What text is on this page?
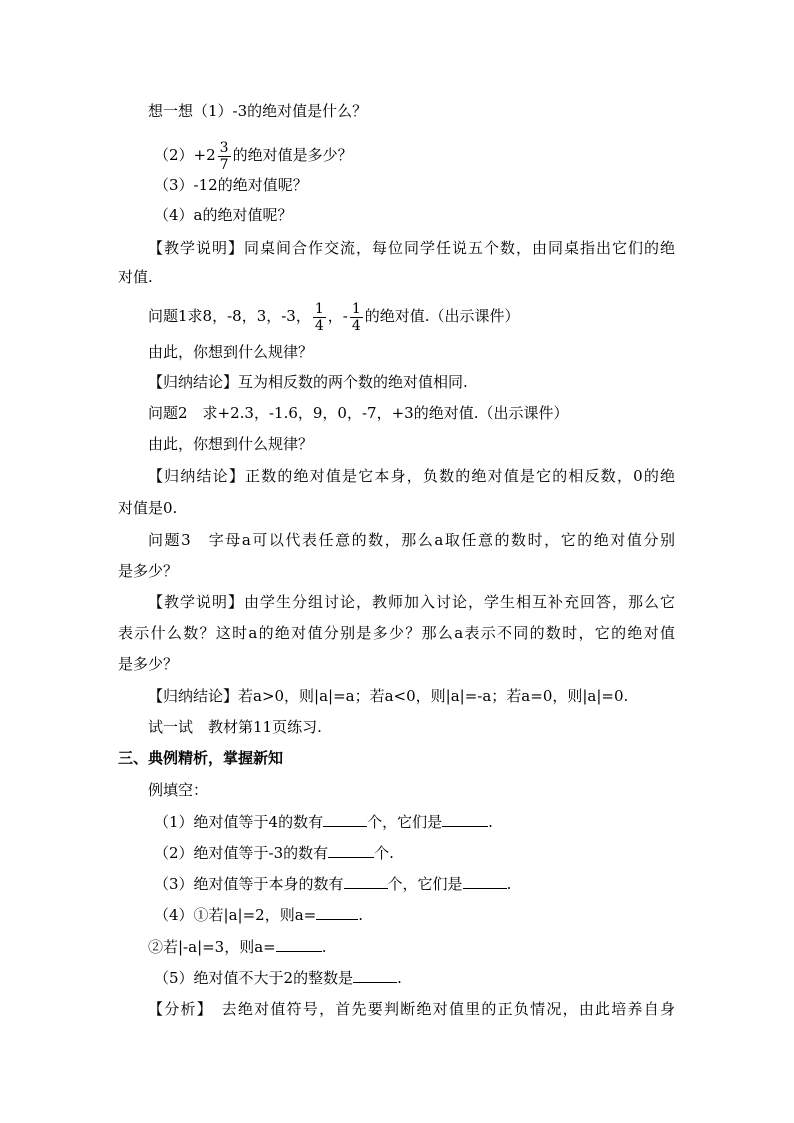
想一想（1）-3的绝对值是什么？
$(2)+2 \frac{3}{7}$ 的绝对值是多少？
（3）-12的绝对值呢？
（4）a的绝对值呢？
【教学说明】同桌间合作交流，每位同学任说五个数，由同桌指出它们的绝
对值.
问题1求8，-8，3，-3， $\frac{1}{4}$ ，- $\frac{1}{4}$ 的绝对值.（出示课件）
由此，你想到什么规律？
【归纳结论】互为相反数的两个数的绝对值相同.
问题2　求+2.3，-1.6，9，0，-7，+3的绝对值.（出示课件）
由此，你想到什么规律？
【归纳结论】正数的绝对值是它本身，负数的绝对值是它的相反数，0的绝
对值是0.
问题3　字母a可以代表任意的数，那么a取任意的数时，它的绝对值分别
是多少？
【教学说明】由学生分组讨论，教师加入讨论，学生相互补充回答，那么它
表示什么数？这时a的绝对值分别是多少？那么a表示不同的数时，它的绝对值
是多少？
【归纳结论】若a>0，则|a|=a；若a<0，则|a|=-a；若a=0，则|a|=0.
试一试　教材第11页练习.
三、典例精析，掌握新知
例填空：
（1）绝对值等于4的数有	个，它们是	.
（2）绝对值等于-3的数有	个.
（3）绝对值等于本身的数有	个，它们是	.
（4）①若|a|=2，则a=	.
②若|-a|=3，则a=	.
（5）绝对值不大于2的整数是	.
【分析】　去绝对值符号，首先要判断绝对值里的正负情况，由此培养自身
